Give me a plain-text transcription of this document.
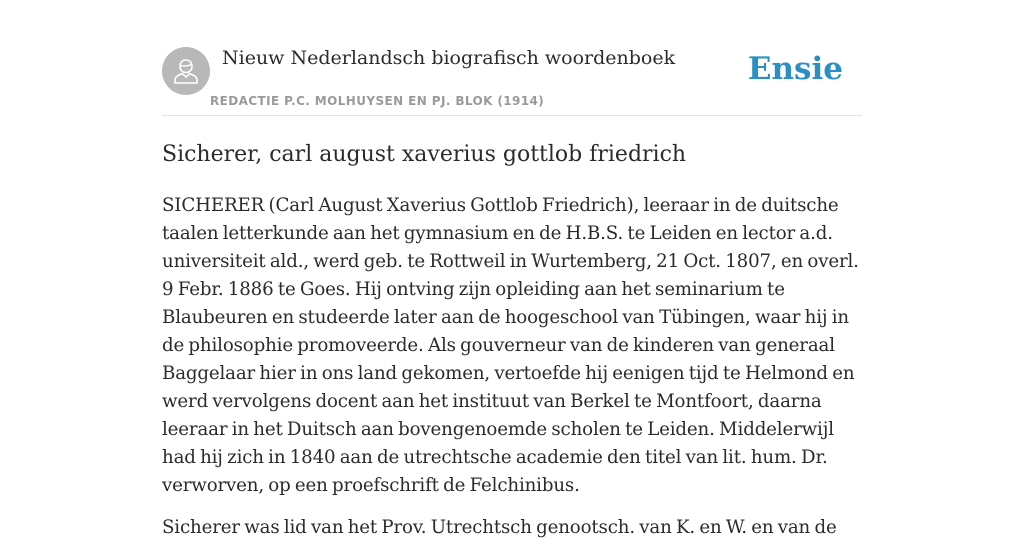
Nieuw Nederlandsch biografisch woordenboek
REDACTIE P.C. MOLHUYSEN EN PJ. BLOK (1914)
Ensie
Sicherer, carl august xaverius gottlob friedrich

SICHERER (Carl August Xaverius Gottlob Friedrich), leeraar in de duitsche taalen letterkunde aan het gymnasium en de H.B.S. te Leiden en lector a.d. universiteit ald., werd geb. te Rottweil in Wurtemberg, 21 Oct. 1807, en overl. 9 Febr. 1886 te Goes. Hij ontving zijn opleiding aan het seminarium te Blaubeuren en studeerde later aan de hoogeschool van Tübingen, waar hij in de philosophie promoveerde. Als gouverneur van de kinderen van generaal Baggelaar hier in ons land gekomen, vertoefde hij eenigen tijd te Helmond en werd vervolgens docent aan het instituut van Berkel te Montfoort, daarna leeraar in het Duitsch aan bovengenoemde scholen te Leiden. Middelerwijl had hij zich in 1840 aan de utrechtsche academie den titel van lit. hum. Dr. verworven, op een proefschrift de Felchinibus.

Sicherer was lid van het Prov. Utrechtsch genootsch. van K. en W. en van de
